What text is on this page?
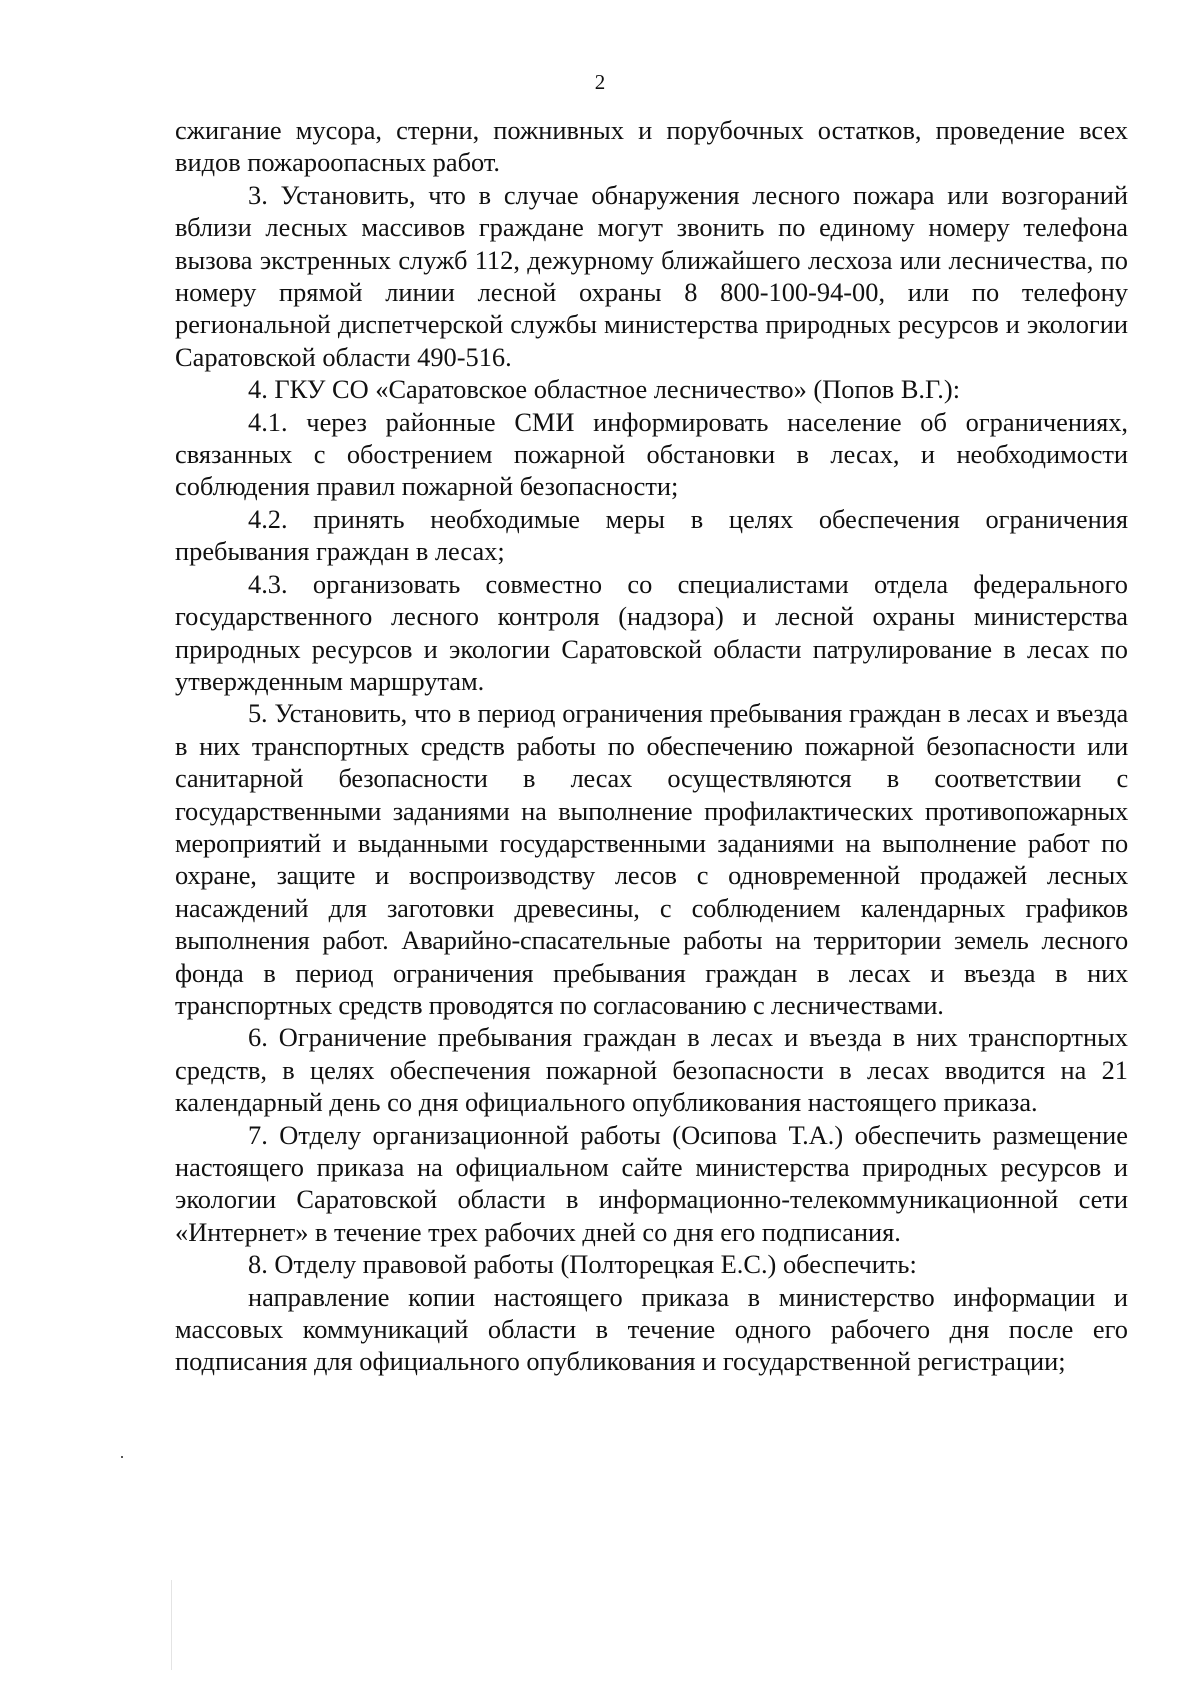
2

сжигание мусора, стерни, пожнивных и порубочных остатков, проведение всех видов пожароопасных работ.

3. Установить, что в случае обнаружения лесного пожара или возгораний вблизи лесных массивов граждане могут звонить по единому номеру телефона вызова экстренных служб 112, дежурному ближайшего лесхоза или лесничества, по номеру прямой линии лесной охраны 8 800-100-94-00, или по телефону региональной диспетчерской службы министерства природных ресурсов и экологии Саратовской области 490-516.

4. ГКУ СО «Саратовское областное лесничество» (Попов В.Г.):

4.1. через районные СМИ информировать население об ограничениях, связанных с обострением пожарной обстановки в лесах, и необходимости соблюдения правил пожарной безопасности;

4.2. принять необходимые меры в целях обеспечения ограничения пребывания граждан в лесах;

4.3. организовать совместно со специалистами отдела федерального государственного лесного контроля (надзора) и лесной охраны министерства природных ресурсов и экологии Саратовской области патрулирование в лесах по утвержденным маршрутам.

5. Установить, что в период ограничения пребывания граждан в лесах и въезда в них транспортных средств работы по обеспечению пожарной безопасности или санитарной безопасности в лесах осуществляются в соответствии с государственными заданиями на выполнение профилактических противопожарных мероприятий и выданными государственными заданиями на выполнение работ по охране, защите и воспроизводству лесов с одновременной продажей лесных насаждений для заготовки древесины, с соблюдением календарных графиков выполнения работ. Аварийно-спасательные работы на территории земель лесного фонда в период ограничения пребывания граждан в лесах и въезда в них транспортных средств проводятся по согласованию с лесничествами.

6. Ограничение пребывания граждан в лесах и въезда в них транспортных средств, в целях обеспечения пожарной безопасности в лесах вводится на 21 календарный день со дня официального опубликования настоящего приказа.

7. Отделу организационной работы (Осипова Т.А.) обеспечить размещение настоящего приказа на официальном сайте министерства природных ресурсов и экологии Саратовской области в информационно-телекоммуникационной сети «Интернет» в течение трех рабочих дней со дня его подписания.

8. Отделу правовой работы (Полторецкая Е.С.) обеспечить:

направление копии настоящего приказа в министерство информации и массовых коммуникаций области в течение одного рабочего дня после его подписания для официального опубликования и государственной регистрации;
